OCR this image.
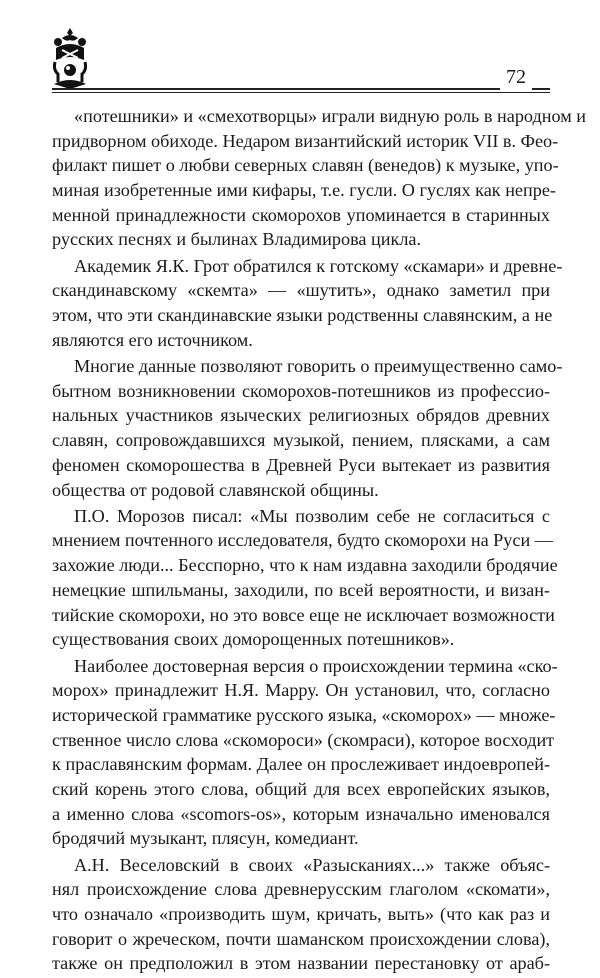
72
«потешники» и «смехотворцы» играли видную роль в народном и
придворном обиходе. Недаром византийский историк VII в. Фео-
филакт пишет о любви северных славян (венедов) к музыке, упо-
миная изобретенные ими кифары, т.е. гусли. О гуслях как непре-
менной принадлежности скоморохов упоминается в старинных
русских песнях и былинах Владимирова цикла.
Академик Я.К. Грот обратился к готскому «скамари» и древне-
скандинавскому «скемта» — «шутить», однако заметил при
этом, что эти скандинавские языки родственны славянским, а не
являются его источником.
Многие данные позволяют говорить о преимущественно само-
бытном возникновении скоморохов-потешников из профессио-
нальных участников языческих религиозных обрядов древних
славян, сопровождавшихся музыкой, пением, плясками, а сам
феномен скоморошества в Древней Руси вытекает из развития
общества от родовой славянской общины.
П.О. Морозов писал: «Мы позволим себе не согласиться с
мнением почтенного исследователя, будто скоморохи на Руси —
захожие люди... Бесспорно, что к нам издавна заходили бродячие
немецкие шпильманы, заходили, по всей вероятности, и визан-
тийские скоморохи, но это вовсе еще не исключает возможности
существования своих доморощенных потешников».
Наиболее достоверная версия о происхождении термина «ско-
морох» принадлежит Н.Я. Марру. Он установил, что, согласно
исторической грамматике русского языка, «скоморох» — множе-
ственное число слова «скомороси» (скомраси), которое восходит
к праславянским формам. Далее он прослеживает индоевропей-
ский корень этого слова, общий для всех европейских языков,
а именно слова «scomors-os», которым изначально именовался
бродячий музыкант, плясун, комедиант.
А.Н. Веселовский в своих «Разысканиях...» также объяс-
нял происхождение слова древнерусским глаголом «скомати»,
что означало «производить шум, кричать, выть» (что как раз и
говорит о жреческом, почти шаманском происхождении слова),
также он предположил в этом названии перестановку от араб-
